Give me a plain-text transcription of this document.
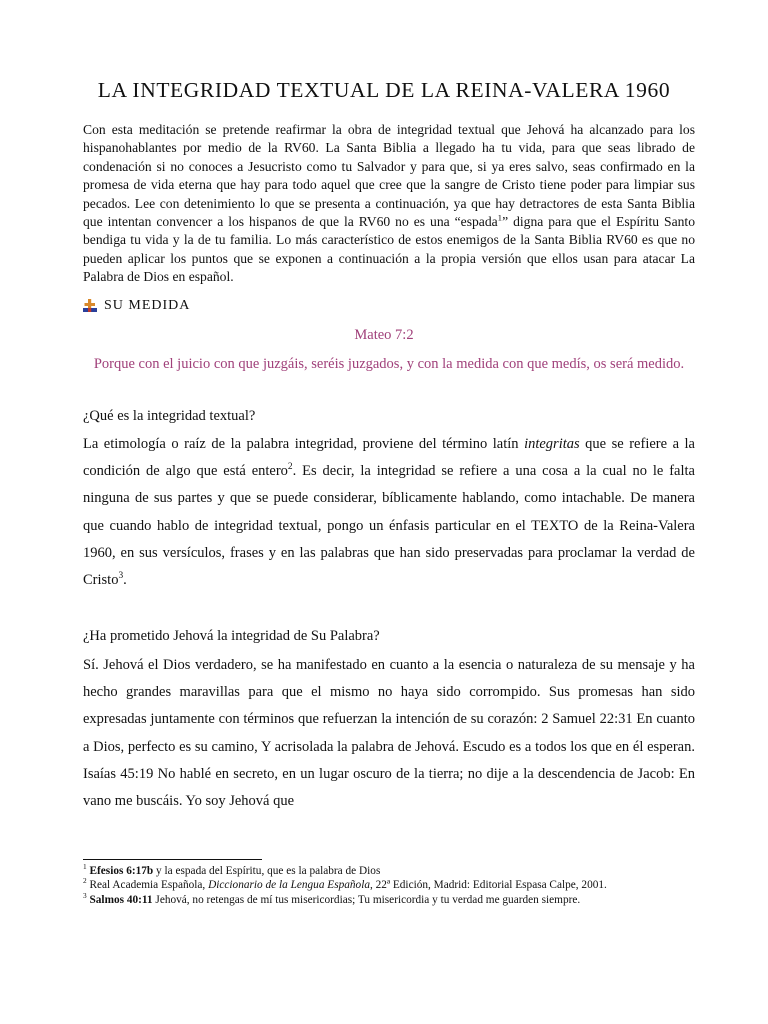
LA INTEGRIDAD TEXTUAL DE LA REINA-VALERA 1960
Con esta meditación se pretende reafirmar la obra de integridad textual que Jehová ha alcanzado para los hispanohablantes por medio de la RV60. La Santa Biblia a llegado ha tu vida, para que seas librado de condenación si no conoces a Jesucristo como tu Salvador y para que, si ya eres salvo, seas confirmado en la promesa de vida eterna que hay para todo aquel que cree que la sangre de Cristo tiene poder para limpiar sus pecados. Lee con detenimiento lo que se presenta a continuación, ya que hay detractores de esta Santa Biblia que intentan convencer a los hispanos de que la RV60 no es una “espada$^1$” digna para que el Espíritu Santo bendiga tu vida y la de tu familia. Lo más característico de estos enemigos de la Santa Biblia RV60 es que no pueden aplicar los puntos que se exponen a continuación a la propia versión que ellos usan para atacar La Palabra de Dios en español.
SU MEDIDA
Mateo 7:2
Porque con el juicio con que juzgáis, seréis juzgados, y con la medida con que medís, os será medido.
¿Qué es la integridad textual?
La etimología o raíz de la palabra integridad, proviene del término latín integritas que se refiere a la condición de algo que está entero$^2$. Es decir, la integridad se refiere a una cosa a la cual no le falta ninguna de sus partes y que se puede considerar, bíblicamente hablando, como intachable. De manera que cuando hablo de integridad textual, pongo un énfasis particular en el TEXTO de la Reina-Valera 1960, en sus versículos, frases y en las palabras que han sido preservadas para proclamar la verdad de Cristo$^3$.
¿Ha prometido Jehová la integridad de Su Palabra?
Sí. Jehová el Dios verdadero, se ha manifestado en cuanto a la esencia o naturaleza de su mensaje y ha hecho grandes maravillas para que el mismo no haya sido corrompido. Sus promesas han sido expresadas juntamente con términos que refuerzan la intención de su corazón: 2 Samuel 22:31 En cuanto a Dios, perfecto es su camino, Y acrisolada la palabra de Jehová. Escudo es a todos los que en él esperan. Isaías 45:19 No hablé en secreto, en un lugar oscuro de la tierra; no dije a la descendencia de Jacob: En vano me buscáis. Yo soy Jehová que
$^1$ Efesios 6:17b y la espada del Espíritu, que es la palabra de Dios
$^2$ Real Academia Española, Diccionario de la Lengua Española, 22ª Edición, Madrid: Editorial Espasa Calpe, 2001.
$^3$ Salmos 40:11 Jehová, no retengas de mí tus misericordias; Tu misericordia y tu verdad me guarden siempre.
